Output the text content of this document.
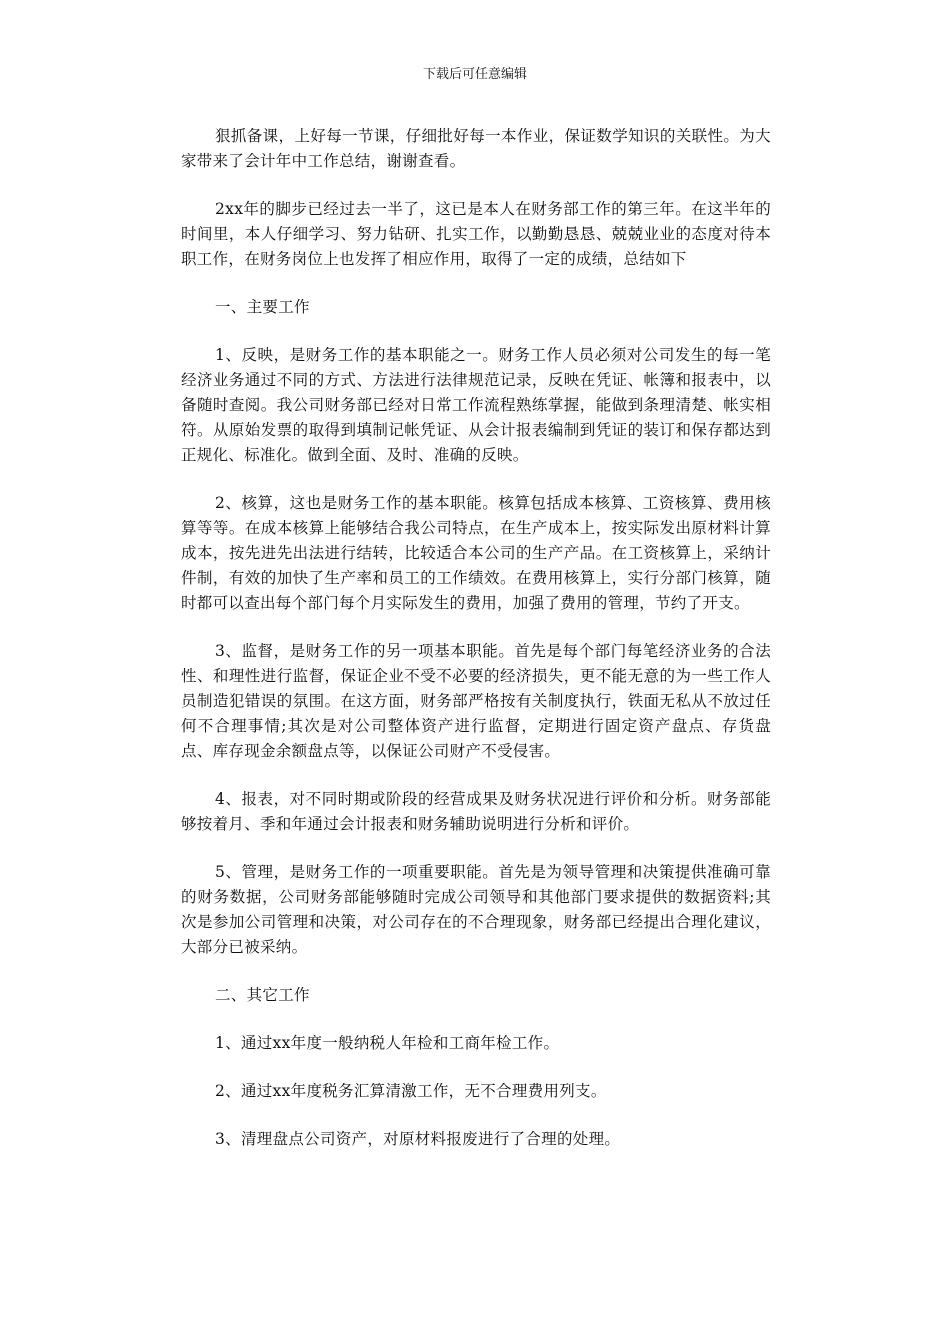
下载后可任意编辑

狠抓备课，上好每一节课，仔细批好每一本作业，保证数学知识的关联性。为大家带来了会计年中工作总结，谢谢查看。

2xx年的脚步已经过去一半了，这已是本人在财务部工作的第三年。在这半年的时间里，本人仔细学习、努力钻研、扎实工作，以勤勤恳恳、兢兢业业的态度对待本职工作，在财务岗位上也发挥了相应作用，取得了一定的成绩，总结如下

一、主要工作

1、反映，是财务工作的基本职能之一。财务工作人员必须对公司发生的每一笔经济业务通过不同的方式、方法进行法律规范记录，反映在凭证、帐簿和报表中，以备随时查阅。我公司财务部已经对日常工作流程熟练掌握，能做到条理清楚、帐实相符。从原始发票的取得到填制记帐凭证、从会计报表编制到凭证的装订和保存都达到正规化、标准化。做到全面、及时、准确的反映。

2、核算，这也是财务工作的基本职能。核算包括成本核算、工资核算、费用核算等等。在成本核算上能够结合我公司特点，在生产成本上，按实际发出原材料计算成本，按先进先出法进行结转，比较适合本公司的生产产品。在工资核算上，采纳计件制，有效的加快了生产率和员工的工作绩效。在费用核算上，实行分部门核算，随时都可以查出每个部门每个月实际发生的费用，加强了费用的管理，节约了开支。

3、监督，是财务工作的另一项基本职能。首先是每个部门每笔经济业务的合法性、和理性进行监督，保证企业不受不必要的经济损失，更不能无意的为一些工作人员制造犯错误的氛围。在这方面，财务部严格按有关制度执行，铁面无私从不放过任何不合理事情;其次是对公司整体资产进行监督，定期进行固定资产盘点、存货盘点、库存现金余额盘点等，以保证公司财产不受侵害。

4、报表，对不同时期或阶段的经营成果及财务状况进行评价和分析。财务部能够按着月、季和年通过会计报表和财务辅助说明进行分析和评价。

5、管理，是财务工作的一项重要职能。首先是为领导管理和决策提供准确可靠的财务数据，公司财务部能够随时完成公司领导和其他部门要求提供的数据资料;其次是参加公司管理和决策，对公司存在的不合理现象，财务部已经提出合理化建议，大部分已被采纳。

二、其它工作

1、通过xx年度一般纳税人年检和工商年检工作。

2、通过xx年度税务汇算清激工作，无不合理费用列支。

3、清理盘点公司资产，对原材料报废进行了合理的处理。
